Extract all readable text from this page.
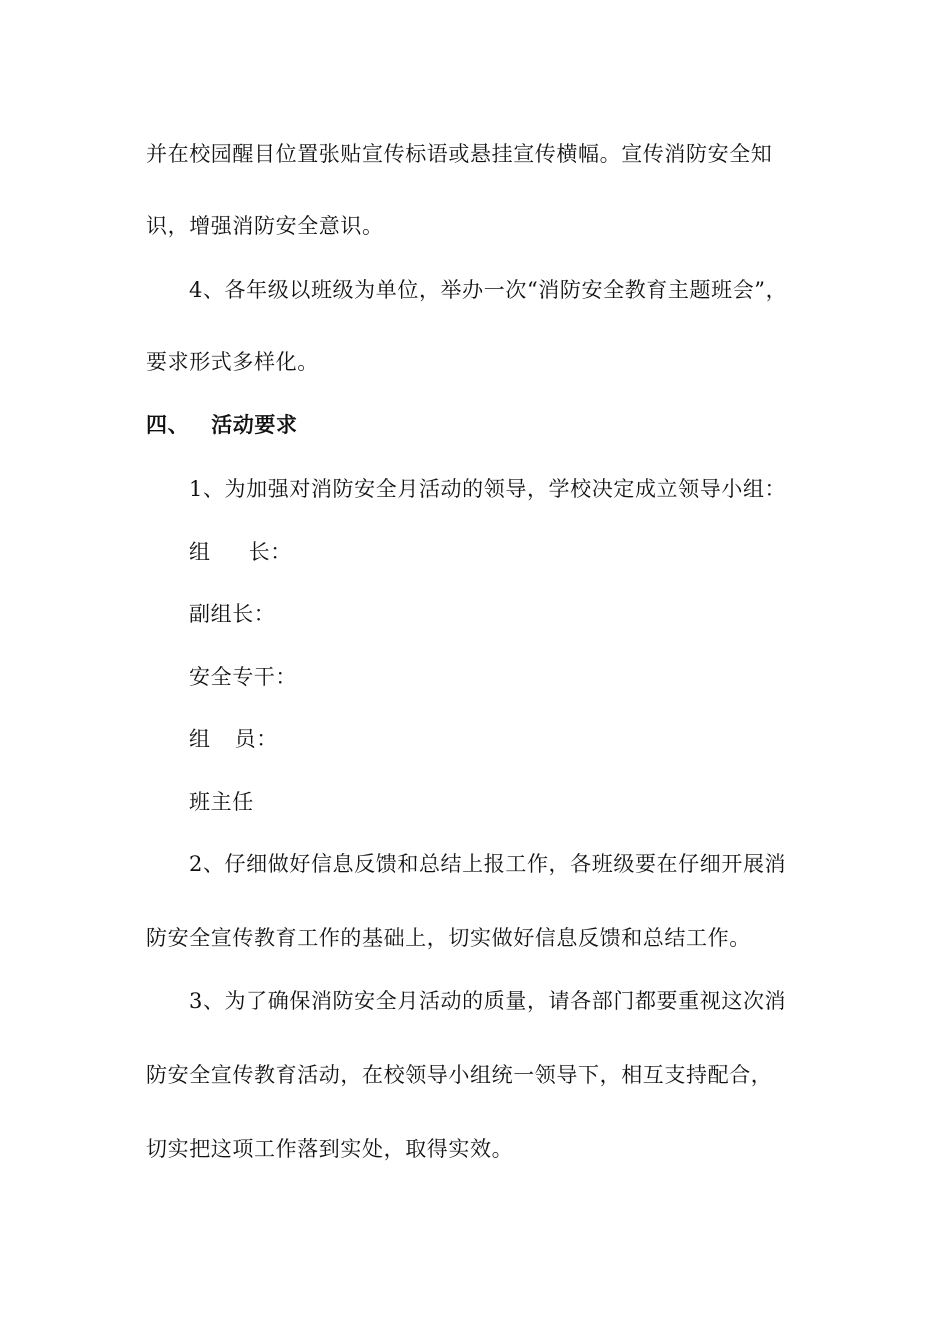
并在校园醒目位置张贴宣传标语或悬挂宣传横幅。宣传消防安全知
识，增强消防安全意识。
4、各年级以班级为单位，举办一次“消防安全教育主题班会”，
要求形式多样化。
四、 活动要求
1、为加强对消防安全月活动的领导，学校决定成立领导小组：
组 长：
副组长：
安全专干：
组 员：
班主任
2、仔细做好信息反馈和总结上报工作，各班级要在仔细开展消
防安全宣传教育工作的基础上，切实做好信息反馈和总结工作。
3、为了确保消防安全月活动的质量，请各部门都要重视这次消
防安全宣传教育活动，在校领导小组统一领导下，相互支持配合，
切实把这项工作落到实处，取得实效。
